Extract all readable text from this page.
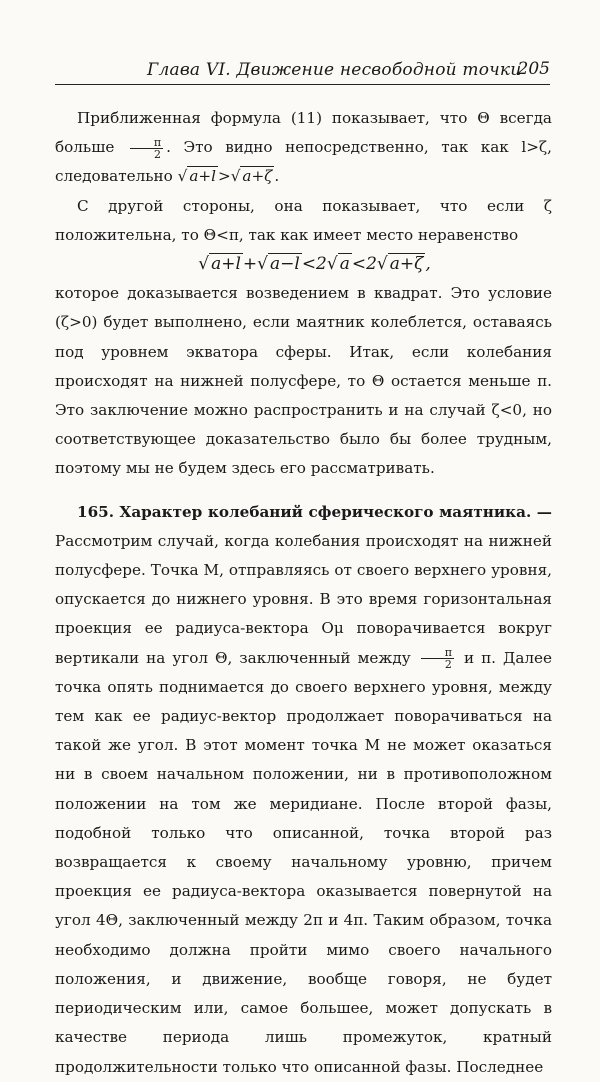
Глава VI. Движение несвободной точки
205

Приближенная формула (11) показывает, что Θ всегда больше $\frac{\pi}{2}$ . Это видно непосредственно, так как l>ζ, следовательно √ a+l >√ a+ζ .

С другой стороны, она показывает, что если ζ положительна, то Θ<π, так как имеет место неравенство

√ a+l +√ a−l <2√ a <2√ a+ζ ,

которое доказывается возведением в квадрат. Это условие (ζ>0) будет выполнено, если маятник колеблется, оставаясь под уровнем экватора сферы. Итак, если колебания происходят на нижней полусфере, то Θ остается меньше π. Это заключение можно распространить и на случай ζ<0, но соответствующее доказательство было бы более трудным, поэтому мы не будем здесь его рассматривать.

165. Характер колебаний сферического маятника. — Рассмотрим случай, когда колебания происходят на нижней полусфере. Точка M, отправляясь от своего верхнего уровня, опускается до нижнего уровня. В это время горизонтальная проекция ее радиуса-вектора Oμ поворачивается вокруг вертикали на угол Θ, заключенный между $\frac{\pi}{2}$ и π. Далее точка опять поднимается до своего верхнего уровня, между тем как ее радиус-вектор продолжает поворачиваться на такой же угол. В этот момент точка M не может оказаться ни в своем начальном положении, ни в противоположном положении на том же меридиане. После второй фазы, подобной только что описанной, точка второй раз возвращается к своему начальному уровню, причем проекция ее радиуса-вектора оказывается повернутой на угол 4Θ, заключенный между 2π и 4π. Таким образом, точка необходимо должна пройти мимо своего начального положения, и движение, вообще говоря, не будет периодическим или, самое большее, может допускать в качестве периода лишь промежуток, кратный продолжительности только что описанной фазы. Последнее
